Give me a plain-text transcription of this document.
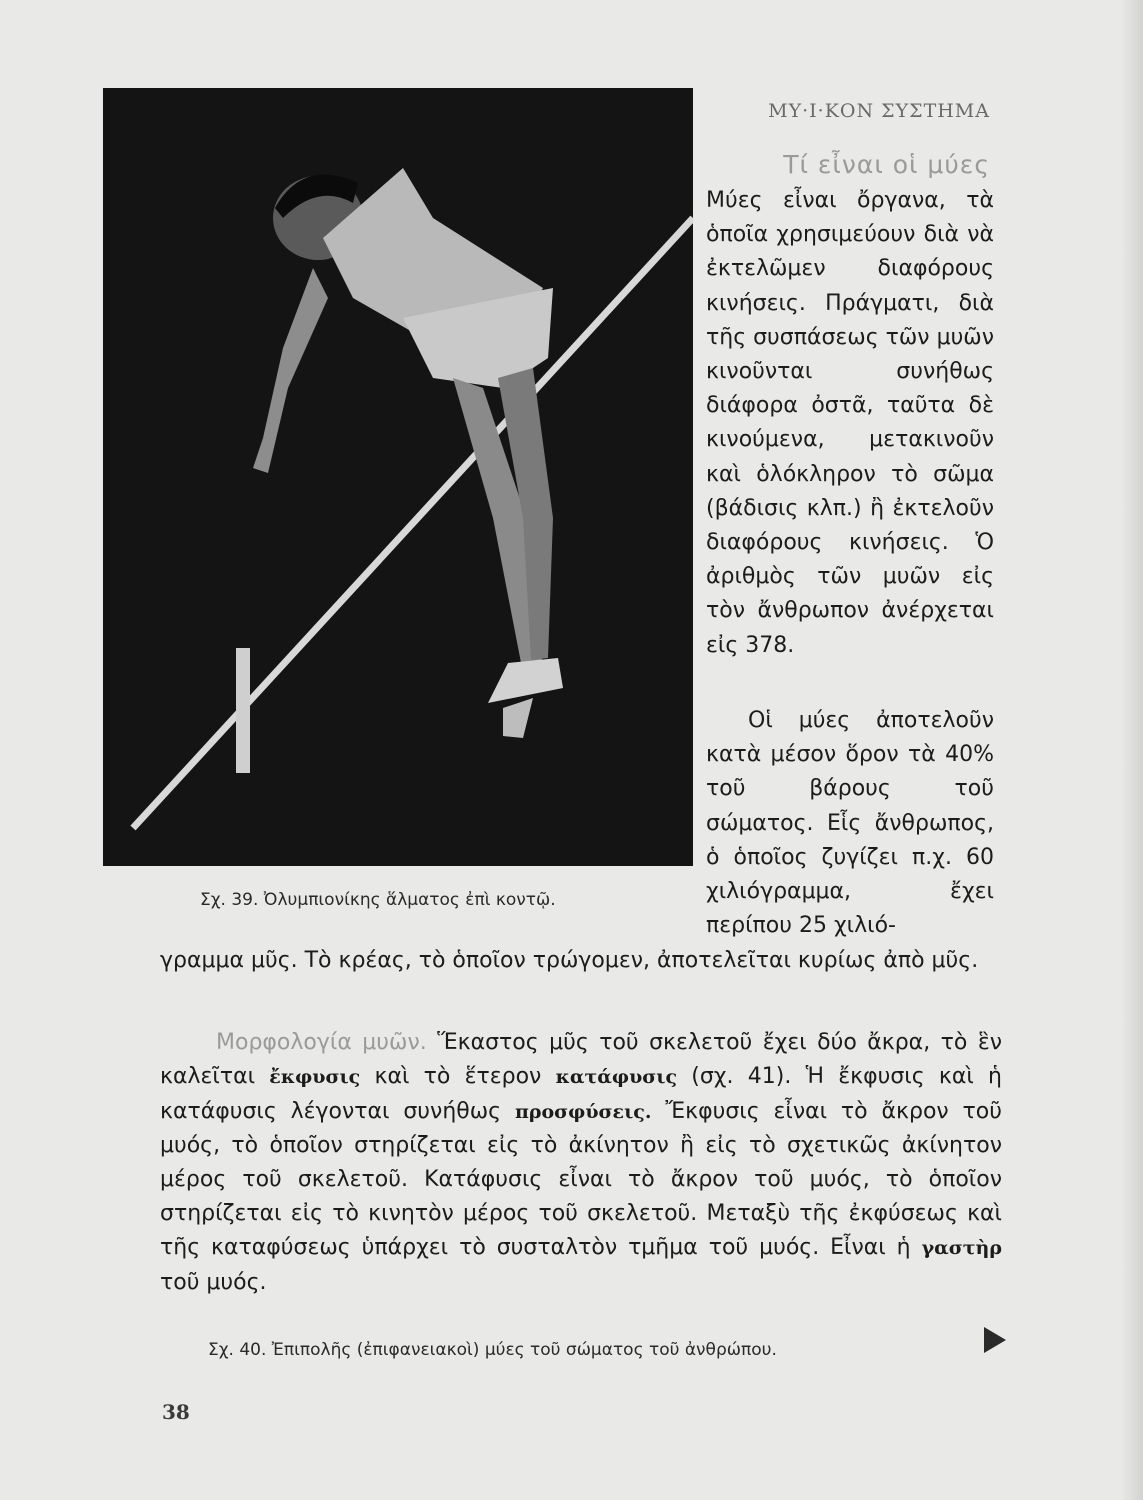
ΜΥ·Ι·ΚΟΝ ΣΥΣΤΗΜΑ
Τί εἶναι οἱ μύες
Μύες εἶναι ὄργανα, τὰ ὁποῖα χρησιμεύουν διὰ νὰ ἐκτελῶμεν διαφόρους κινήσεις. Πράγματι, διὰ τῆς συσπάσεως τῶν μυῶν κινοῦνται συνήθως διάφορα ὀστᾶ, ταῦτα δὲ κινούμενα, μετακινοῦν καὶ ὁλόκληρον τὸ σῶμα (βάδισις κλπ.) ἢ ἐκτελοῦν διαφόρους κινήσεις. Ὁ ἀριθμὸς τῶν μυῶν εἰς τὸν ἄνθρωπον ἀνέρχεται εἰς 378.
Οἱ μύες ἀποτελοῦν κατὰ μέσον ὅρον τὰ 40% τοῦ βάρους τοῦ σώματος. Εἷς ἄνθρωπος, ὁ ὁποῖος ζυγίζει π.χ. 60 χιλιόγραμμα, ἔχει περίπου 25 χιλιό-
Σχ. 39. Ὀλυμπιονίκης ἅλματος ἐπὶ κοντῷ.
γραμμα μῦς. Τὸ κρέας, τὸ ὁποῖον τρώγομεν, ἀποτελεῖται κυρίως ἀπὸ μῦς.
Μορφολογία μυῶν. Ἕκαστος μῦς τοῦ σκελετοῦ ἔχει δύο ἄκρα, τὸ ἓν καλεῖται ἔκφυσις καὶ τὸ ἕτερον κατάφυσις (σχ. 41). Ἡ ἔκφυσις καὶ ἡ κατάφυσις λέγονται συνήθως προσφύσεις. Ἔκφυσις εἶναι τὸ ἄκρον τοῦ μυός, τὸ ὁποῖον στηρίζεται εἰς τὸ ἀκίνητον ἢ εἰς τὸ σχετικῶς ἀκίνητον μέρος τοῦ σκελετοῦ. Κατάφυσις εἶναι τὸ ἄκρον τοῦ μυός, τὸ ὁποῖον στηρίζεται εἰς τὸ κινητὸν μέρος τοῦ σκελετοῦ. Μεταξὺ τῆς ἐκφύσεως καὶ τῆς καταφύσεως ὑπάρχει τὸ συσταλτὸν τμῆμα τοῦ μυός. Εἶναι ἡ γαστὴρ τοῦ μυός.
Σχ. 40. Ἐπιπολῆς (ἐπιφανειακοὶ) μύες τοῦ σώματος τοῦ ἀνθρώπου.
38
